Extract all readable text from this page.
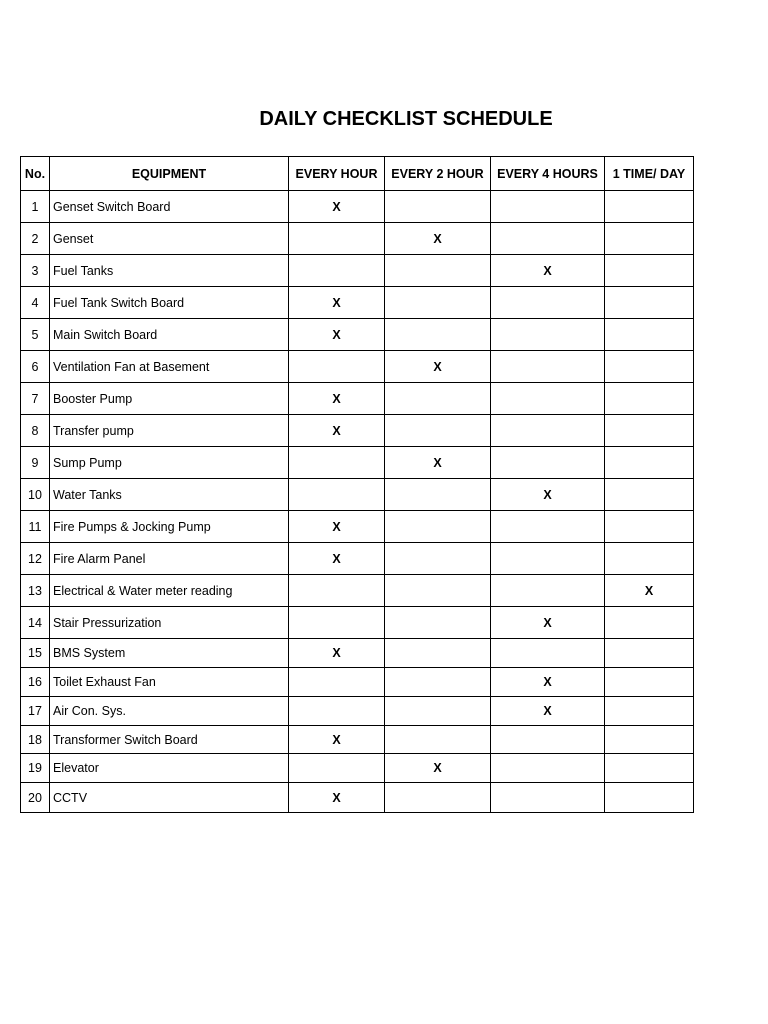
DAILY CHECKLIST SCHEDULE
No.	EQUIPMENT	EVERY HOUR	EVERY 2 HOUR	EVERY 4 HOURS	1 TIME/ DAY
1	Genset Switch Board	X			
2	Genset		X		
3	Fuel Tanks			X	
4	Fuel Tank Switch Board	X			
5	Main Switch Board	X			
6	Ventilation Fan at Basement		X		
7	Booster Pump	X			
8	Transfer pump	X			
9	Sump Pump		X		
10	Water Tanks			X	
11	Fire Pumps & Jocking Pump	X			
12	Fire Alarm Panel	X			
13	Electrical & Water meter reading				X
14	Stair Pressurization			X	
15	BMS System	X			
16	Toilet Exhaust Fan			X	
17	Air Con. Sys.			X	
18	Transformer Switch Board	X			
19	Elevator		X		
20	CCTV	X			
